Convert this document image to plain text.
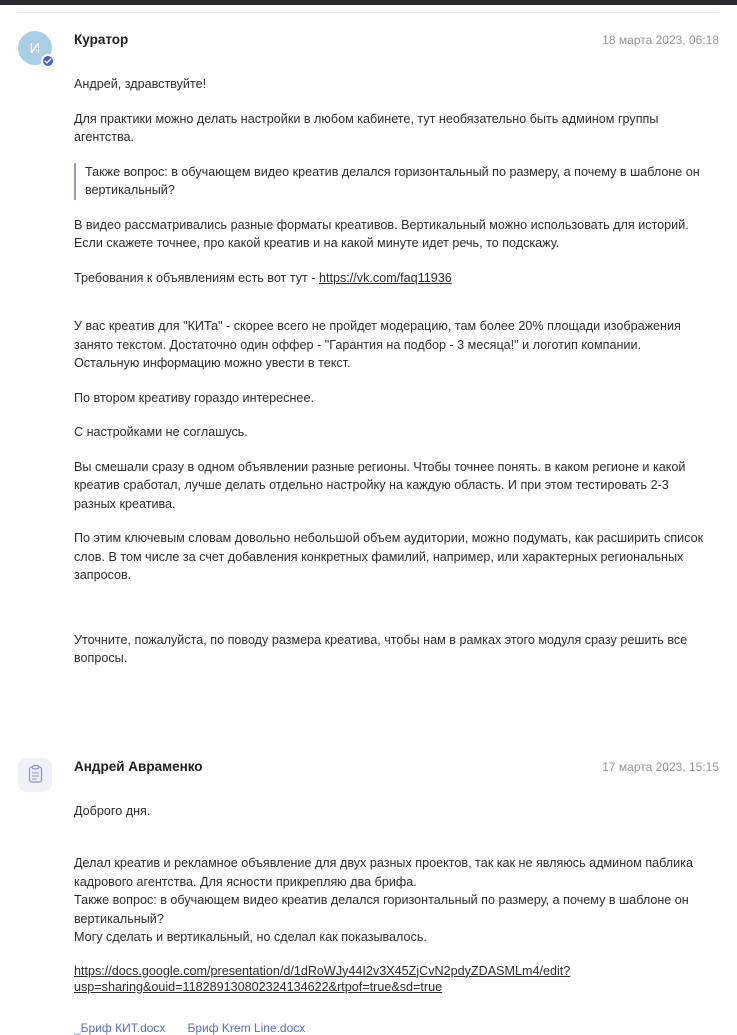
И	Куратор	18 марта 2023, 06:18

Андрей, здравствуйте!

Для практики можно делать настройки в любом кабинете, тут необязательно быть админом группы агентства.

Также вопрос: в обучающем видео креатив делался горизонтальный по размеру, а почему в шаблоне он вертикальный?

В видео рассматривались разные форматы креативов. Вертикальный можно использовать для историй. Если скажете точнее, про какой креатив и на какой минуте идет речь, то подскажу.

Требования к объявлениям есть вот тут - https://vk.com/faq11936

У вас креатив для "КИТа" - скорее всего не пройдет модерацию, там более 20% площади изображения занято текстом. Достаточно один оффер - "Гарантия на подбор - 3 месяца!" и логотип компании. Остальную информацию можно увести в текст.

По втором креативу гораздо интереснее.

С настройками не соглашусь.

Вы смешали сразу в одном объявлении разные регионы. Чтобы точнее понять. в каком регионе и какой креатив сработал, лучше делать отдельно настройку на каждую область. И при этом тестировать 2-3 разных креатива.

По этим ключевым словам довольно небольшой объем аудитории, можно подумать, как расширить список слов. В том числе за счет добавления конкретных фамилий, например, или характерных региональных запросов.

Уточните, пожалуйста, по поводу размера креатива, чтобы нам в рамках этого модуля сразу решить все вопросы.

Андрей Авраменко	17 марта 2023, 15:15

Доброго дня.

Делал креатив и рекламное объявление для двух разных проектов, так как не являюсь админом паблика кадрового агентства. Для ясности прикрепляю два брифа.

Также вопрос: в обучающем видео креатив делался горизонтальный по размеру, а почему в шаблоне он вертикальный?

Могу сделать и вертикальный, но сделал как показывалось.

https://docs.google.com/presentation/d/1dRoWJy44I2v3X45ZjCvN2pdyZDASMLm4/edit?
usp=sharing&ouid=118289130802324134622&rtpof=true&sd=true
_Бриф КИТ.docx Бриф Krem Line.docx
